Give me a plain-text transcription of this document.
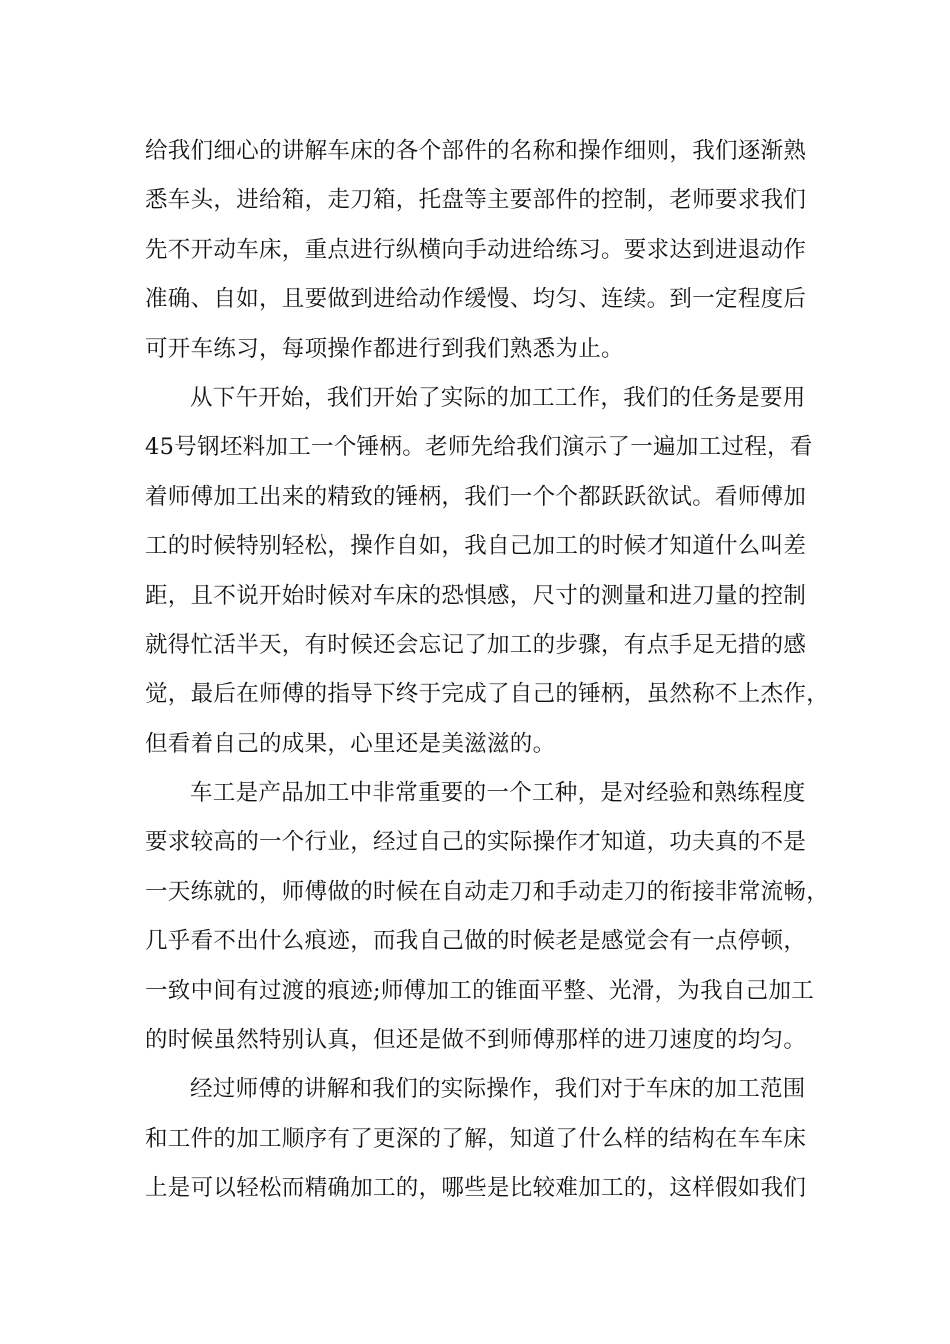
给我们细心的讲解车床的各个部件的名称和操作细则，我们逐渐熟
悉车头，进给箱，走刀箱，托盘等主要部件的控制，老师要求我们
先不开动车床，重点进行纵横向手动进给练习。要求达到进退动作
准确、自如，且要做到进给动作缓慢、均匀、连续。到一定程度后
可开车练习，每项操作都进行到我们熟悉为止。
从下午开始，我们开始了实际的加工工作，我们的任务是要用
45号钢坯料加工一个锤柄。老师先给我们演示了一遍加工过程，看
着师傅加工出来的精致的锤柄，我们一个个都跃跃欲试。看师傅加
工的时候特别轻松，操作自如，我自己加工的时候才知道什么叫差
距，且不说开始时候对车床的恐惧感，尺寸的测量和进刀量的控制
就得忙活半天，有时候还会忘记了加工的步骤，有点手足无措的感
觉，最后在师傅的指导下终于完成了自己的锤柄，虽然称不上杰作，
但看着自己的成果，心里还是美滋滋的。
车工是产品加工中非常重要的一个工种，是对经验和熟练程度
要求较高的一个行业，经过自己的实际操作才知道，功夫真的不是
一天练就的，师傅做的时候在自动走刀和手动走刀的衔接非常流畅，
几乎看不出什么痕迹，而我自己做的时候老是感觉会有一点停顿，
一致中间有过渡的痕迹;师傅加工的锥面平整、光滑，为我自己加工
的时候虽然特别认真，但还是做不到师傅那样的进刀速度的均匀。
经过师傅的讲解和我们的实际操作，我们对于车床的加工范围
和工件的加工顺序有了更深的了解，知道了什么样的结构在车车床
上是可以轻松而精确加工的，哪些是比较难加工的，这样假如我们
